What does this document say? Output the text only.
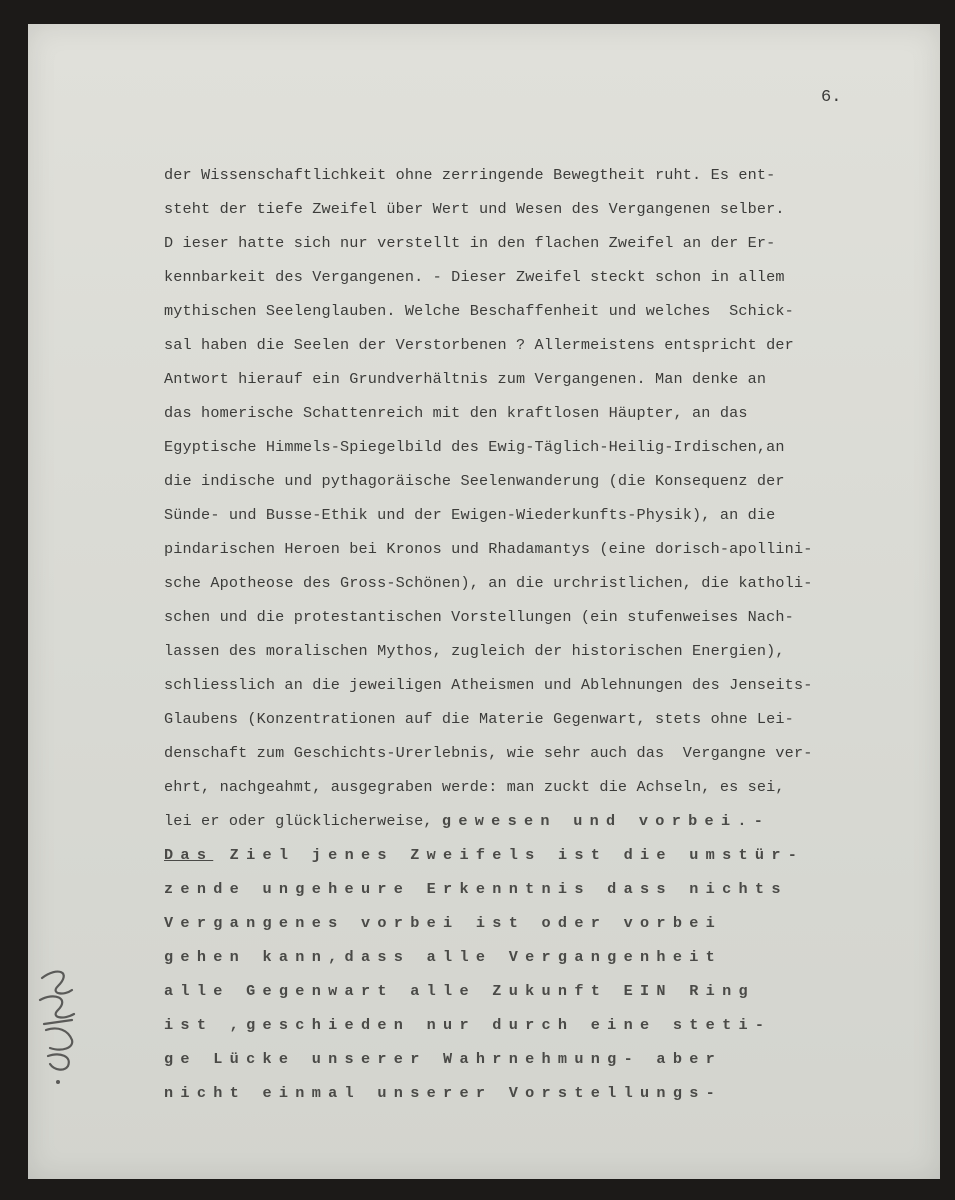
6.
der Wissenschaftlichkeit ohne zerringende Bewegtheit ruht. Es ent-
steht der tiefe Zweifel über Wert und Wesen des Vergangenen selber.
D ieser hatte sich nur verstellt in den flachen Zweifel an der Er-
kennbarkeit des Vergangenen. - Dieser Zweifel steckt schon in allem
mythischen Seelenglauben. Welche Beschaffenheit und welches  Schick-
sal haben die Seelen der Verstorbenen ? Allermeistens entspricht der
Antwort hierauf ein Grundverhältnis zum Vergangenen. Man denke an
das homerische Schattenreich mit den kraftlosen Häupter, an das
Egyptische Himmels-Spiegelbild des Ewig-Täglich-Heilig-Irdischen,an
die indische und pythagoräische Seelenwanderung (die Konsequenz der
Sünde- und Busse-Ethik und der Ewigen-Wiederkunfts-Physik), an die
pindarischen Heroen bei Kronos und Rhadamantys (eine dorisch-apollini-
sche Apotheose des Gross-Schönen), an die urchristlichen, die katholi-
schen und die protestantischen Vorstellungen (ein stufenweises Nach-
lassen des moralischen Mythos, zugleich der historischen Energien),
schliesslich an die jeweiligen Atheismen und Ablehnungen des Jenseits-
Glaubens (Konzentrationen auf die Materie Gegenwart, stets ohne Lei-
denschaft zum Geschichts-Urerlebnis, wie sehr auch das  Vergangne ver-
ehrt, nachgeahmt, ausgegraben werde: man zuckt die Achseln, es sei,
lei er oder glücklicherweise, gewesen und vorbei.-
Das Ziel jenes Zweifels ist die umstür-
zende ungeheure Erkenntnis dass nichts
Vergangenes vorbei ist oder vorbei
gehen kann,dass alle Vergangenheit
alle Gegenwart alle Zukunft EIN Ring
ist ,geschieden nur durch eine steti-
ge Lücke unserer Wahrnehmung- aber
nicht einmal unserer Vorstellungs-
